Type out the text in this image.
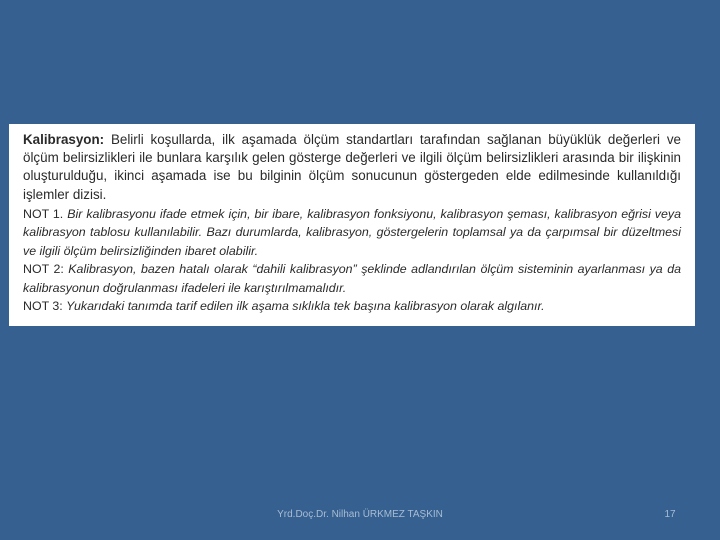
Kalibrasyon: Belirli koşullarda, ilk aşamada ölçüm standartları tarafından sağlanan büyüklük değerleri ve ölçüm belirsizlikleri ile bunlara karşılık gelen gösterge değerleri ve ilgili ölçüm belirsizlikleri arasında bir ilişkinin oluşturulduğu, ikinci aşamada ise bu bilginin ölçüm sonucunun göstergeden elde edilmesinde kullanıldığı işlemler dizisi.

NOT 1. Bir kalibrasyonu ifade etmek için, bir ibare, kalibrasyon fonksiyonu, kalibrasyon şeması, kalibrasyon eğrisi veya kalibrasyon tablosu kullanılabilir. Bazı durumlarda, kalibrasyon, göstergelerin toplamsal ya da çarpımsal bir düzeltmesi ve ilgili ölçüm belirsizliğinden ibaret olabilir.

NOT 2: Kalibrasyon, bazen hatalı olarak “dahili kalibrasyon” şeklinde adlandırılan ölçüm sisteminin ayarlanması ya da kalibrasyonun doğrulanması ifadeleri ile karıştırılmamalıdır.

NOT 3: Yukarıdaki tanımda tarif edilen ilk aşama sıklıkla tek başına kalibrasyon olarak algılanır.

Yrd.Doç.Dr. Nilhan ÜRKMEZ TAŞKIN	17
